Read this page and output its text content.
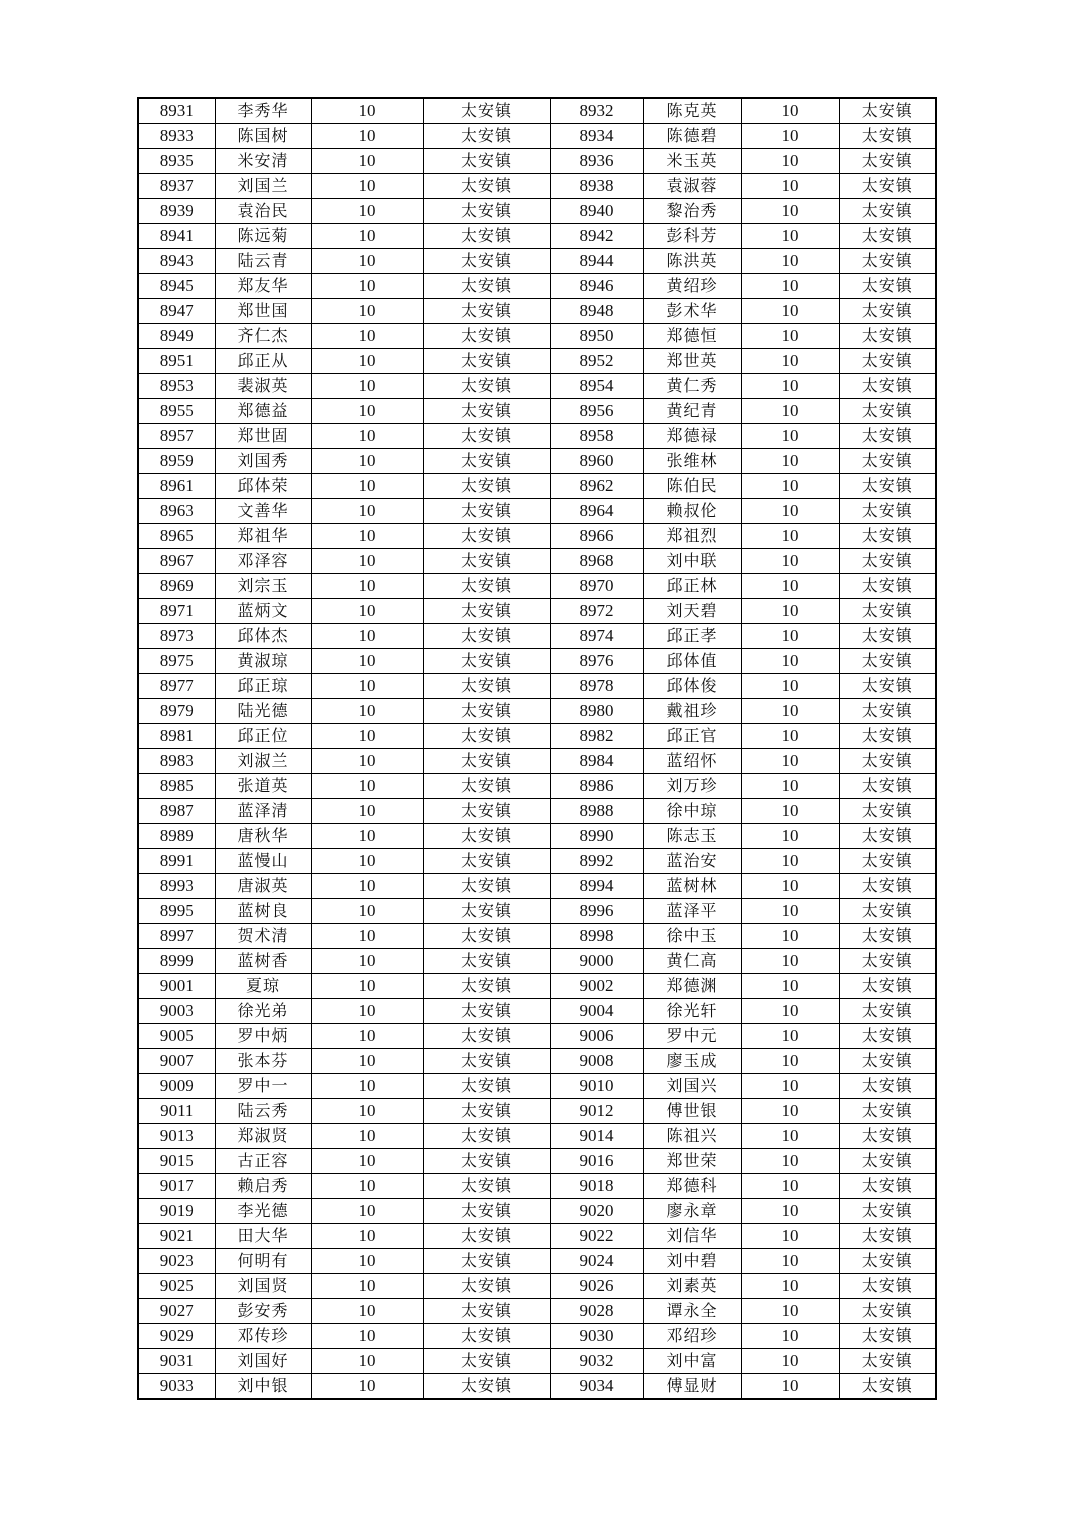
8931	李秀华	10	太安镇	8932	陈克英	10	太安镇
8933	陈国树	10	太安镇	8934	陈德碧	10	太安镇
8935	米安清	10	太安镇	8936	米玉英	10	太安镇
8937	刘国兰	10	太安镇	8938	袁淑蓉	10	太安镇
8939	袁治民	10	太安镇	8940	黎治秀	10	太安镇
8941	陈远菊	10	太安镇	8942	彭科芳	10	太安镇
8943	陆云青	10	太安镇	8944	陈洪英	10	太安镇
8945	郑友华	10	太安镇	8946	黄绍珍	10	太安镇
8947	郑世国	10	太安镇	8948	彭术华	10	太安镇
8949	齐仁杰	10	太安镇	8950	郑德恒	10	太安镇
8951	邱正从	10	太安镇	8952	郑世英	10	太安镇
8953	裴淑英	10	太安镇	8954	黄仁秀	10	太安镇
8955	郑德益	10	太安镇	8956	黄纪青	10	太安镇
8957	郑世固	10	太安镇	8958	郑德禄	10	太安镇
8959	刘国秀	10	太安镇	8960	张维林	10	太安镇
8961	邱体荣	10	太安镇	8962	陈伯民	10	太安镇
8963	文善华	10	太安镇	8964	赖叔伦	10	太安镇
8965	郑祖华	10	太安镇	8966	郑祖烈	10	太安镇
8967	邓泽容	10	太安镇	8968	刘中联	10	太安镇
8969	刘宗玉	10	太安镇	8970	邱正林	10	太安镇
8971	蓝炳文	10	太安镇	8972	刘天碧	10	太安镇
8973	邱体杰	10	太安镇	8974	邱正孝	10	太安镇
8975	黄淑琼	10	太安镇	8976	邱体值	10	太安镇
8977	邱正琼	10	太安镇	8978	邱体俊	10	太安镇
8979	陆光德	10	太安镇	8980	戴祖珍	10	太安镇
8981	邱正位	10	太安镇	8982	邱正官	10	太安镇
8983	刘淑兰	10	太安镇	8984	蓝绍怀	10	太安镇
8985	张道英	10	太安镇	8986	刘万珍	10	太安镇
8987	蓝泽清	10	太安镇	8988	徐中琼	10	太安镇
8989	唐秋华	10	太安镇	8990	陈志玉	10	太安镇
8991	蓝慢山	10	太安镇	8992	蓝治安	10	太安镇
8993	唐淑英	10	太安镇	8994	蓝树林	10	太安镇
8995	蓝树良	10	太安镇	8996	蓝泽平	10	太安镇
8997	贺术清	10	太安镇	8998	徐中玉	10	太安镇
8999	蓝树香	10	太安镇	9000	黄仁高	10	太安镇
9001	夏琼	10	太安镇	9002	郑德渊	10	太安镇
9003	徐光弟	10	太安镇	9004	徐光轩	10	太安镇
9005	罗中炳	10	太安镇	9006	罗中元	10	太安镇
9007	张本芬	10	太安镇	9008	廖玉成	10	太安镇
9009	罗中一	10	太安镇	9010	刘国兴	10	太安镇
9011	陆云秀	10	太安镇	9012	傅世银	10	太安镇
9013	郑淑贤	10	太安镇	9014	陈祖兴	10	太安镇
9015	古正容	10	太安镇	9016	郑世荣	10	太安镇
9017	赖启秀	10	太安镇	9018	郑德科	10	太安镇
9019	李光德	10	太安镇	9020	廖永章	10	太安镇
9021	田大华	10	太安镇	9022	刘信华	10	太安镇
9023	何明有	10	太安镇	9024	刘中碧	10	太安镇
9025	刘国贤	10	太安镇	9026	刘素英	10	太安镇
9027	彭安秀	10	太安镇	9028	谭永全	10	太安镇
9029	邓传珍	10	太安镇	9030	邓绍珍	10	太安镇
9031	刘国好	10	太安镇	9032	刘中富	10	太安镇
9033	刘中银	10	太安镇	9034	傅显财	10	太安镇
